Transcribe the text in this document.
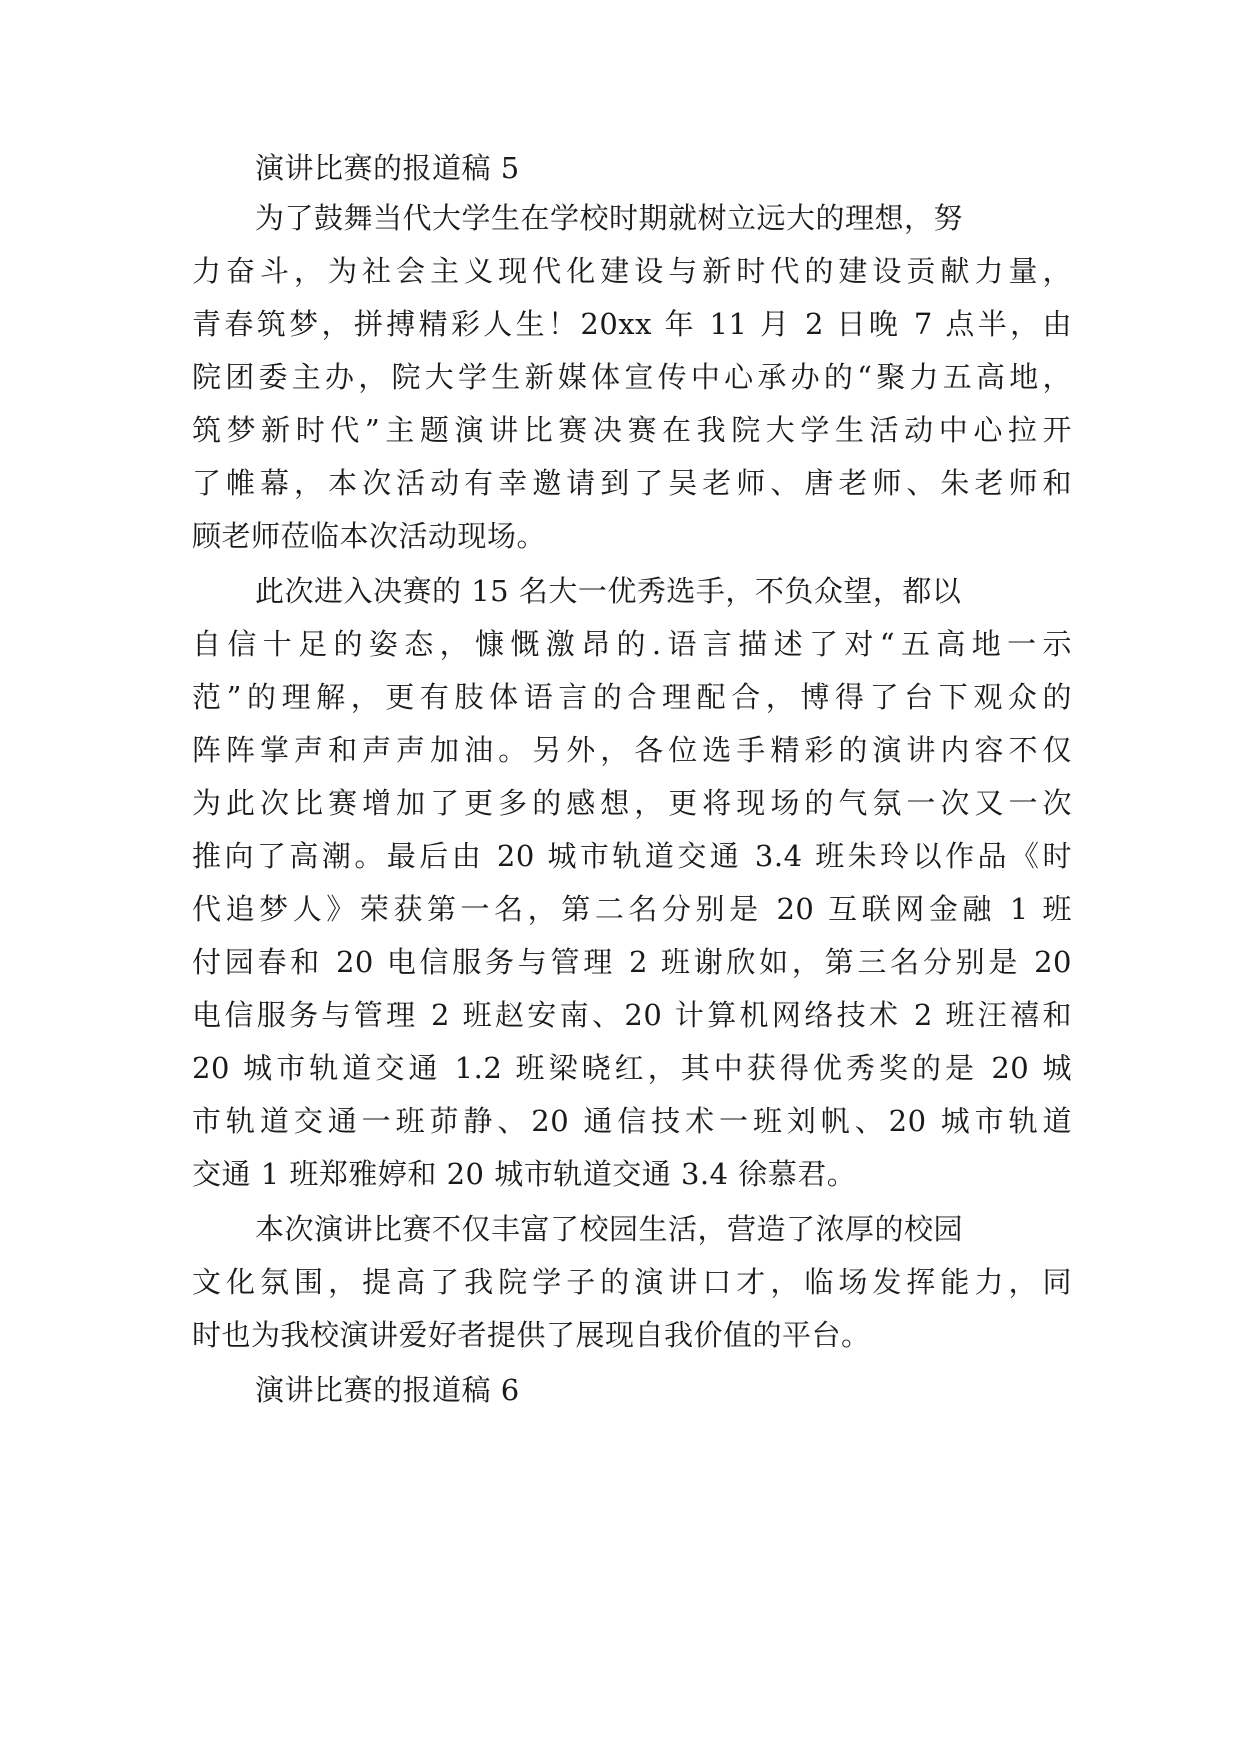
演讲比赛的报道稿 5
为了鼓舞当代大学生在学校时期就树立远大的理想，努
力奋斗，为社会主义现代化建设与新时代的建设贡献力量，
青春筑梦，拼搏精彩人生！20xx 年 11 月 2 日晚 7 点半，由
院团委主办，院大学生新媒体宣传中心承办的“聚力五高地，
筑梦新时代”主题演讲比赛决赛在我院大学生活动中心拉开
了帷幕，本次活动有幸邀请到了吴老师、唐老师、朱老师和
顾老师莅临本次活动现场。
此次进入决赛的 15 名大一优秀选手，不负众望，都以
自信十足的姿态，慷慨激昂的.语言描述了对“五高地一示
范”的理解，更有肢体语言的合理配合，博得了台下观众的
阵阵掌声和声声加油。另外，各位选手精彩的演讲内容不仅
为此次比赛增加了更多的感想，更将现场的气氛一次又一次
推向了高潮。最后由 20 城市轨道交通 3.4 班朱玲以作品《时
代追梦人》荣获第一名，第二名分别是 20 互联网金融 1 班
付园春和 20 电信服务与管理 2 班谢欣如，第三名分别是 20
电信服务与管理 2 班赵安南、20 计算机网络技术 2 班汪禧和
20 城市轨道交通 1.2 班梁晓红，其中获得优秀奖的是 20 城
市轨道交通一班茆静、20 通信技术一班刘帆、20 城市轨道
交通 1 班郑雅婷和 20 城市轨道交通 3.4 徐慕君。
本次演讲比赛不仅丰富了校园生活，营造了浓厚的校园
文化氛围，提高了我院学子的演讲口才，临场发挥能力，同
时也为我校演讲爱好者提供了展现自我价值的平台。
演讲比赛的报道稿 6
